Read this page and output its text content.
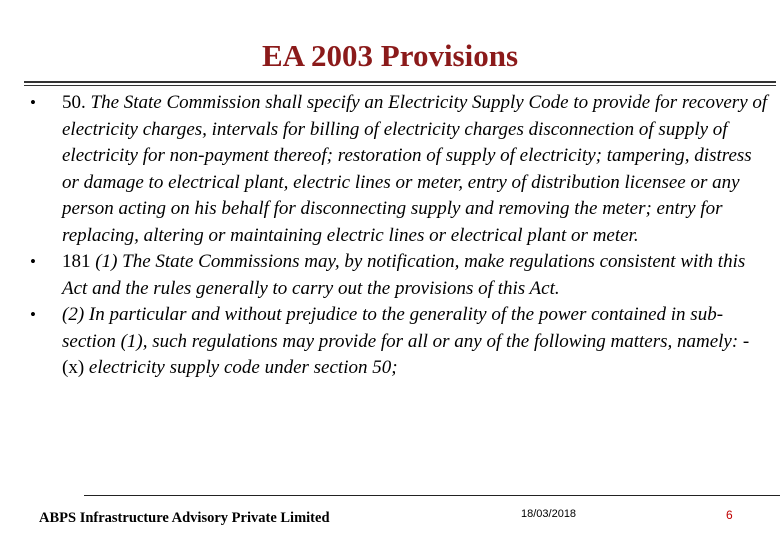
EA 2003 Provisions
• 50. The State Commission shall specify an Electricity Supply Code to provide for recovery of electricity charges, intervals for billing of electricity charges disconnection of supply of electricity for non-payment thereof; restoration of supply of electricity; tampering, distress or damage to electrical plant, electric lines or meter, entry of distribution licensee or any person acting on his behalf for disconnecting supply and removing the meter; entry for replacing, altering or maintaining electric lines or electrical plant or meter.
• 181 (1) The State Commissions may, by notification, make regulations consistent with this Act and the rules generally to carry out the provisions of this Act.
• (2) In particular and without prejudice to the generality of the power contained in sub-section (1), such regulations may provide for all or any of the following matters, namely: -
(x) electricity supply code under section 50;
ABPS Infrastructure Advisory Private Limited	18/03/2018	6
